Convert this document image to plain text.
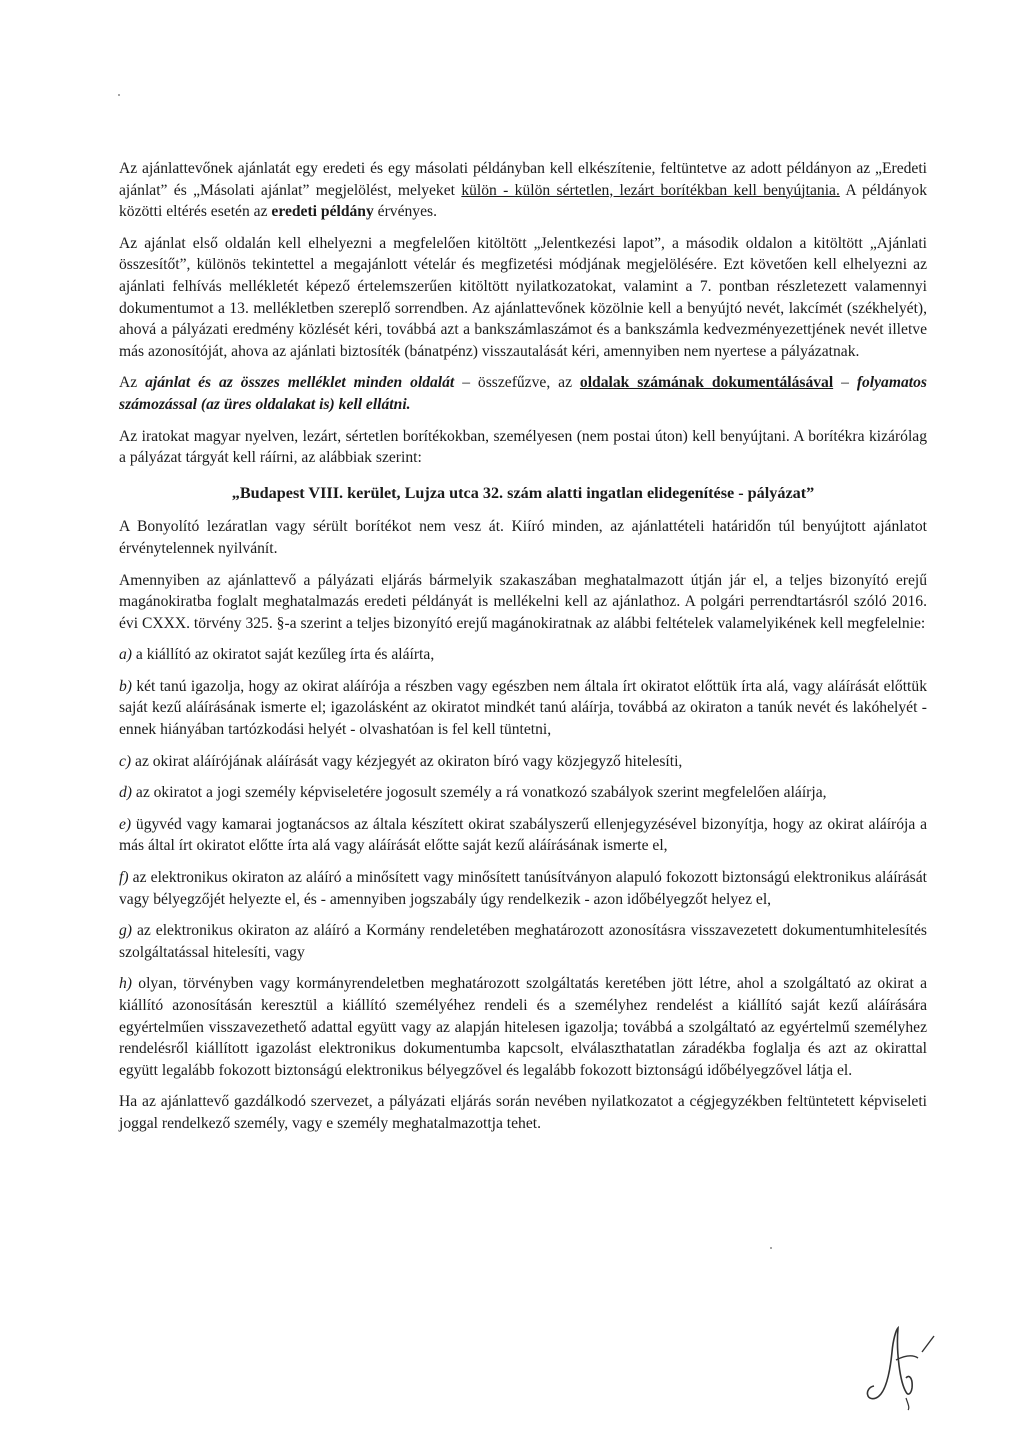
Az ajánlattevőnek ajánlatát egy eredeti és egy másolati példányban kell elkészítenie, feltüntetve az adott példányon az „Eredeti ajánlat” és „Másolati ajánlat” megjelölést, melyeket külön - külön sértetlen, lezárt borítékban kell benyújtania. A példányok közötti eltérés esetén az eredeti példány érvényes.

Az ajánlat első oldalán kell elhelyezni a megfelelően kitöltött „Jelentkezési lapot”, a második oldalon a kitöltött „Ajánlati összesítőt”, különös tekintettel a megajánlott vételár és megfizetési módjának megjelölésére. Ezt követően kell elhelyezni az ajánlati felhívás mellékletét képező értelemszerűen kitöltött nyilatkozatokat, valamint a 7. pontban részletezett valamennyi dokumentumot a 13. mellékletben szereplő sorrendben. Az ajánlattevőnek közölnie kell a benyújtó nevét, lakcímét (székhelyét), ahová a pályázati eredmény közlését kéri, továbbá azt a bankszámlaszámot és a bankszámla kedvezményezettjének nevét illetve más azonosítóját, ahova az ajánlati biztosíték (bánatpénz) visszautalását kéri, amennyiben nem nyertese a pályázatnak.

Az ajánlat és az összes melléklet minden oldalát – összefűzve, az oldalak számának dokumentálásával – folyamatos számozással (az üres oldalakat is) kell ellátni.

Az iratokat magyar nyelven, lezárt, sértetlen borítékokban, személyesen (nem postai úton) kell benyújtani. A borítékra kizárólag a pályázat tárgyát kell ráírni, az alábbiak szerint:

„Budapest VIII. kerület, Lujza utca 32. szám alatti ingatlan elidegenítése - pályázat”

A Bonyolító lezáratlan vagy sérült borítékot nem vesz át. Kiíró minden, az ajánlattételi határidőn túl benyújtott ajánlatot érvénytelennek nyilvánít.

Amennyiben az ajánlattevő a pályázati eljárás bármelyik szakaszában meghatalmazott útján jár el, a teljes bizonyító erejű magánokiratba foglalt meghatalmazás eredeti példányát is mellékelni kell az ajánlathoz. A polgári perrendtartásról szóló 2016. évi CXXX. törvény 325. §-a szerint a teljes bizonyító erejű magánokiratnak az alábbi feltételek valamelyikének kell megfelelnie:

a) a kiállító az okiratot saját kezűleg írta és aláírta,

b) két tanú igazolja, hogy az okirat aláírója a részben vagy egészben nem általa írt okiratot előttük írta alá, vagy aláírását előttük saját kezű aláírásának ismerte el; igazolásként az okiratot mindkét tanú aláírja, továbbá az okiraton a tanúk nevét és lakóhelyét - ennek hiányában tartózkodási helyét - olvashatóan is fel kell tüntetni,

c) az okirat aláírójának aláírását vagy kézjegyét az okiraton bíró vagy közjegyző hitelesíti,

d) az okiratot a jogi személy képviseletére jogosult személy a rá vonatkozó szabályok szerint megfelelően aláírja,

e) ügyvéd vagy kamarai jogtanácsos az általa készített okirat szabályszerű ellenjegyzésével bizonyítja, hogy az okirat aláírója a más által írt okiratot előtte írta alá vagy aláírását előtte saját kezű aláírásának ismerte el,

f) az elektronikus okiraton az aláíró a minősített vagy minősített tanúsítványon alapuló fokozott biztonságú elektronikus aláírását vagy bélyegzőjét helyezte el, és - amennyiben jogszabály úgy rendelkezik - azon időbélyegzőt helyez el,

g) az elektronikus okiraton az aláíró a Kormány rendeletében meghatározott azonosításra visszavezetett dokumentumhitelesítés szolgáltatással hitelesíti, vagy

h) olyan, törvényben vagy kormányrendeletben meghatározott szolgáltatás keretében jött létre, ahol a szolgáltató az okirat a kiállító azonosításán keresztül a kiállító személyéhez rendeli és a személyhez rendelést a kiállító saját kezű aláírására egyértelműen visszavezethető adattal együtt vagy az alapján hitelesen igazolja; továbbá a szolgáltató az egyértelmű személyhez rendelésről kiállított igazolást elektronikus dokumentumba kapcsolt, elválaszthatatlan záradékba foglalja és azt az okirattal együtt legalább fokozott biztonságú elektronikus bélyegzővel és legalább fokozott biztonságú időbélyegzővel látja el.

Ha az ajánlattevő gazdálkodó szervezet, a pályázati eljárás során nevében nyilatkozatot a cégjegyzékben feltüntetett képviseleti joggal rendelkező személy, vagy e személy meghatalmazottja tehet.
